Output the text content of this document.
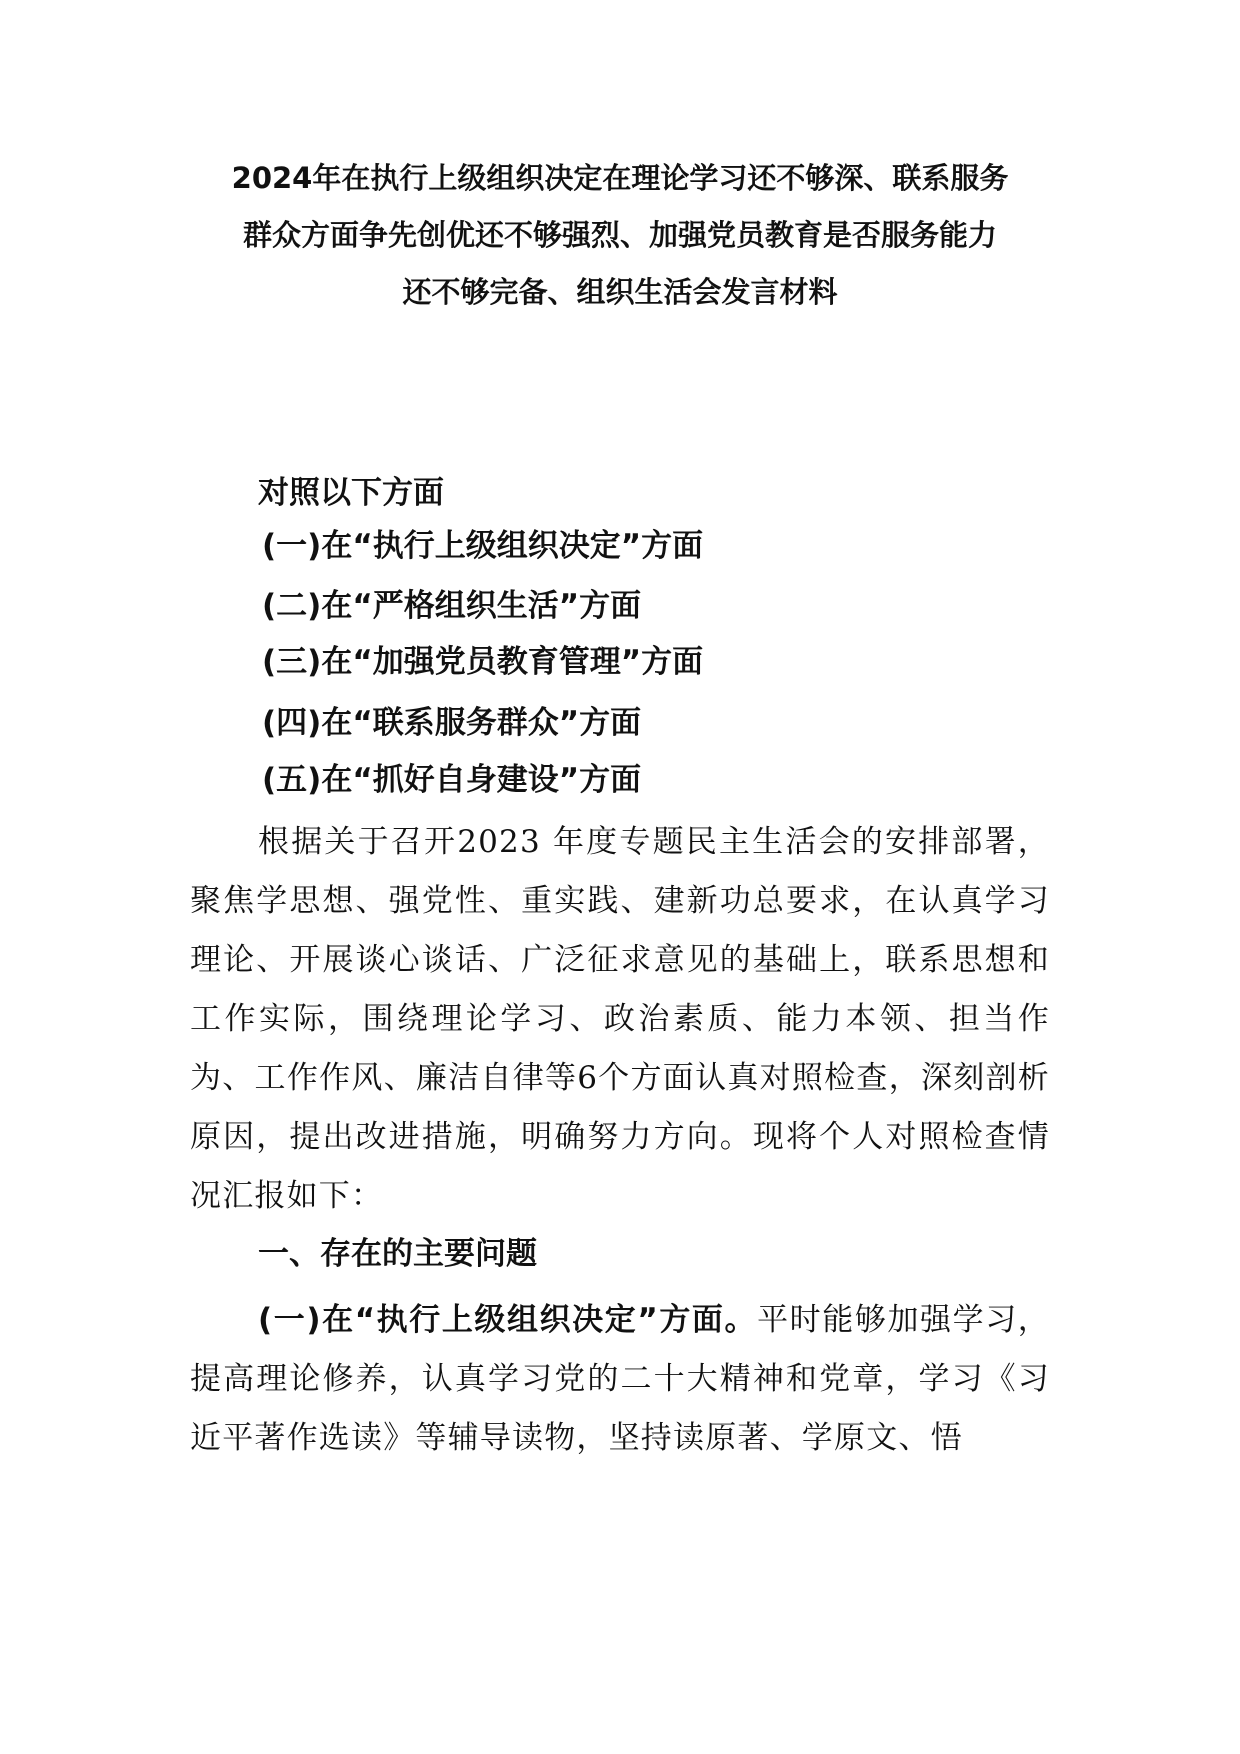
2024年在执行上级组织决定在理论学习还不够深、联系服务
群众方面争先创优还不够强烈、加强党员教育是否服务能力
还不够完备、组织生活会发言材料

对照以下方面

(一)在“执行上级组织决定”方面

(二)在“严格组织生活”方面

(三)在“加强党员教育管理”方面

(四)在“联系服务群众”方面

(五)在“抓好自身建设”方面

根据关于召开2023 年度专题民主生活会的安排部署，聚焦学思想、强党性、重实践、建新功总要求，在认真学习理论、开展谈心谈话、广泛征求意见的基础上，联系思想和工作实际，围绕理论学习、政治素质、能力本领、担当作为、工作作风、廉洁自律等6个方面认真对照检查，深刻剖析原因，提出改进措施，明确努力方向。现将个人对照检查情况汇报如下：

一、存在的主要问题

(一)在“执行上级组织决定”方面。平时能够加强学习，提高理论修养，认真学习党的二十大精神和党章，学习《习近平著作选读》等辅导读物，坚持读原著、学原文、悟
